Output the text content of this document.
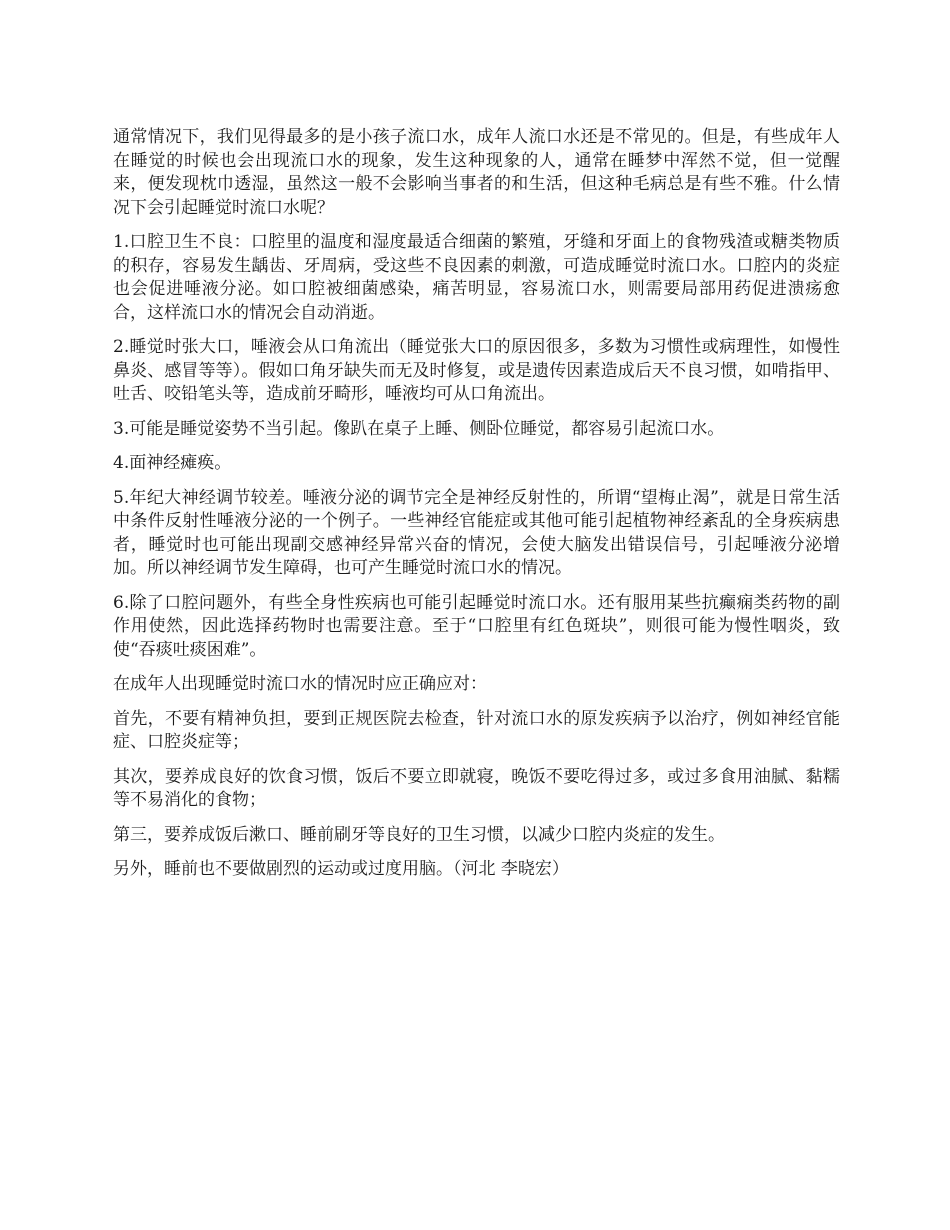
通常情况下，我们见得最多的是小孩子流口水，成年人流口水还是不常见的。但是，有些成年人在睡觉的时候也会出现流口水的现象，发生这种现象的人，通常在睡梦中浑然不觉，但一觉醒来，便发现枕巾透湿，虽然这一般不会影响当事者的和生活，但这种毛病总是有些不雅。什么情况下会引起睡觉时流口水呢？

1.口腔卫生不良：口腔里的温度和湿度最适合细菌的繁殖，牙缝和牙面上的食物残渣或糖类物质的积存，容易发生龋齿、牙周病，受这些不良因素的刺激，可造成睡觉时流口水。口腔内的炎症也会促进唾液分泌。如口腔被细菌感染，痛苦明显，容易流口水，则需要局部用药促进溃疡愈合，这样流口水的情况会自动消逝。

2.睡觉时张大口，唾液会从口角流出（睡觉张大口的原因很多，多数为习惯性或病理性，如慢性鼻炎、感冒等等）。假如口角牙缺失而无及时修复，或是遗传因素造成后天不良习惯，如啃指甲、吐舌、咬铅笔头等，造成前牙畸形，唾液均可从口角流出。

3.可能是睡觉姿势不当引起。像趴在桌子上睡、侧卧位睡觉，都容易引起流口水。

4.面神经瘫痪。

5.年纪大神经调节较差。唾液分泌的调节完全是神经反射性的，所谓“望梅止渴”，就是日常生活中条件反射性唾液分泌的一个例子。一些神经官能症或其他可能引起植物神经紊乱的全身疾病患者，睡觉时也可能出现副交感神经异常兴奋的情况，会使大脑发出错误信号，引起唾液分泌增加。所以神经调节发生障碍，也可产生睡觉时流口水的情况。

6.除了口腔问题外，有些全身性疾病也可能引起睡觉时流口水。还有服用某些抗癫痫类药物的副作用使然，因此选择药物时也需要注意。至于“口腔里有红色斑块”，则很可能为慢性咽炎，致使“吞痰吐痰困难”。

在成年人出现睡觉时流口水的情况时应正确应对：

首先，不要有精神负担，要到正规医院去检查，针对流口水的原发疾病予以治疗，例如神经官能症、口腔炎症等；

其次，要养成良好的饮食习惯，饭后不要立即就寝，晚饭不要吃得过多，或过多食用油腻、黏糯等不易消化的食物；

第三，要养成饭后漱口、睡前刷牙等良好的卫生习惯，以减少口腔内炎症的发生。

另外，睡前也不要做剧烈的运动或过度用脑。（河北 李晓宏）
